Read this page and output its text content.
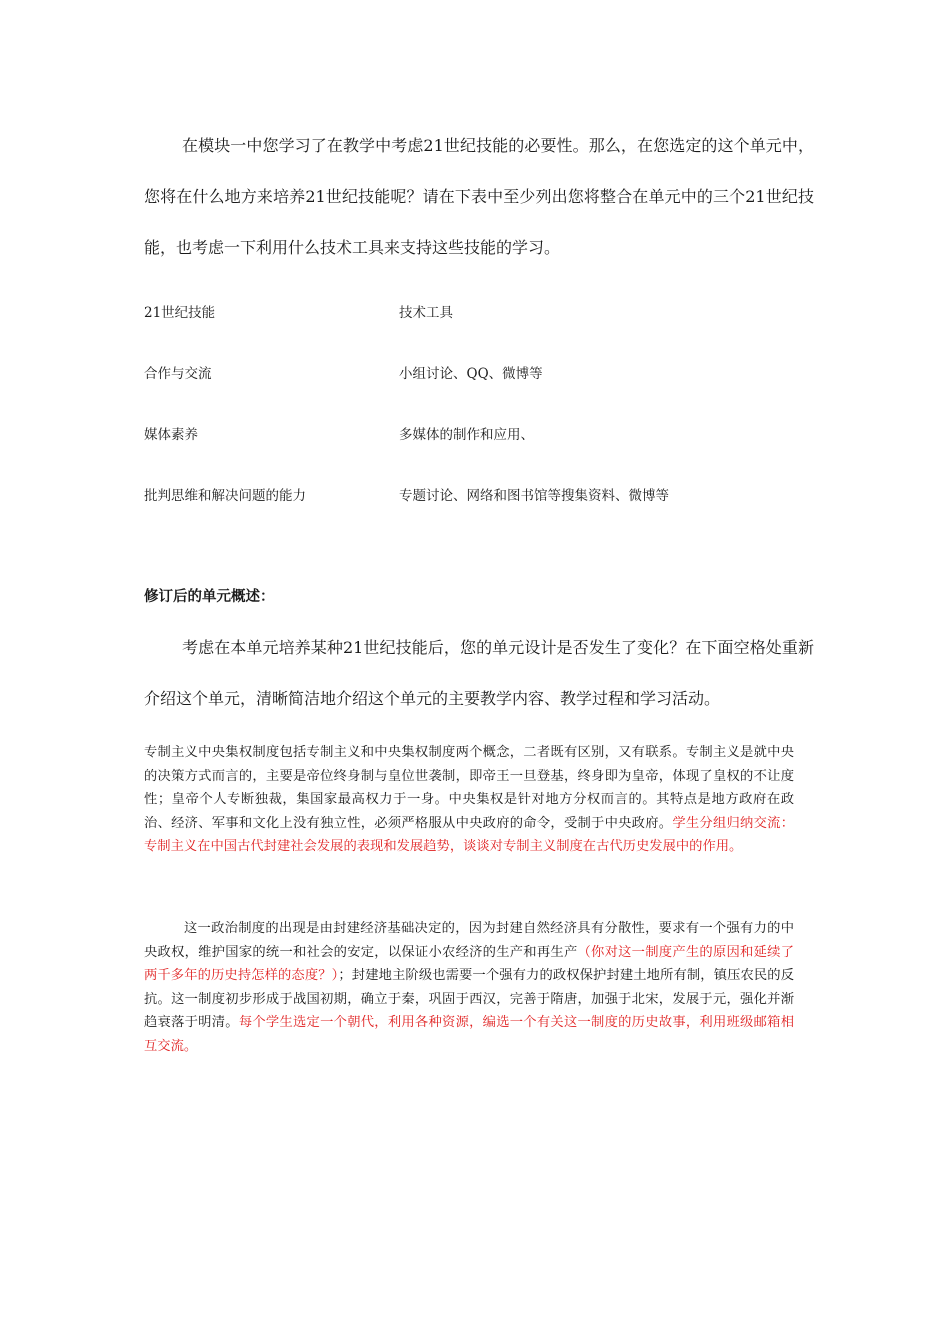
在模块一中您学习了在教学中考虑21世纪技能的必要性。那么，在您选定的这个单元中，您将在什么地方来培养21世纪技能呢？请在下表中至少列出您将整合在单元中的三个21世纪技能，也考虑一下利用什么技术工具来支持这些技能的学习。

21世纪技能	技术工具
合作与交流	小组讨论、QQ、微博等
媒体素养	多媒体的制作和应用、
批判思维和解决问题的能力	专题讨论、网络和图书馆等搜集资料、微博等

修订后的单元概述：

考虑在本单元培养某种21世纪技能后，您的单元设计是否发生了变化？在下面空格处重新介绍这个单元，清晰简洁地介绍这个单元的主要教学内容、教学过程和学习活动。

专制主义中央集权制度包括专制主义和中央集权制度两个概念，二者既有区别，又有联系。专制主义是就中央的决策方式而言的，主要是帝位终身制与皇位世袭制，即帝王一旦登基，终身即为皇帝，体现了皇权的不让度性；皇帝个人专断独裁，集国家最高权力于一身。中央集权是针对地方分权而言的。其特点是地方政府在政治、经济、军事和文化上没有独立性，必须严格服从中央政府的命令，受制于中央政府。学生分组归纳交流：专制主义在中国古代封建社会发展的表现和发展趋势，谈谈对专制主义制度在古代历史发展中的作用。

这一政治制度的出现是由封建经济基础决定的，因为封建自然经济具有分散性，要求有一个强有力的中央政权，维护国家的统一和社会的安定，以保证小农经济的生产和再生产（你对这一制度产生的原因和延续了两千多年的历史持怎样的态度？）；封建地主阶级也需要一个强有力的政权保护封建土地所有制，镇压农民的反抗。这一制度初步形成于战国初期，确立于秦，巩固于西汉，完善于隋唐，加强于北宋，发展于元，强化并渐趋衰落于明清。每个学生选定一个朝代，利用各种资源，编选一个有关这一制度的历史故事，利用班级邮箱相互交流。
